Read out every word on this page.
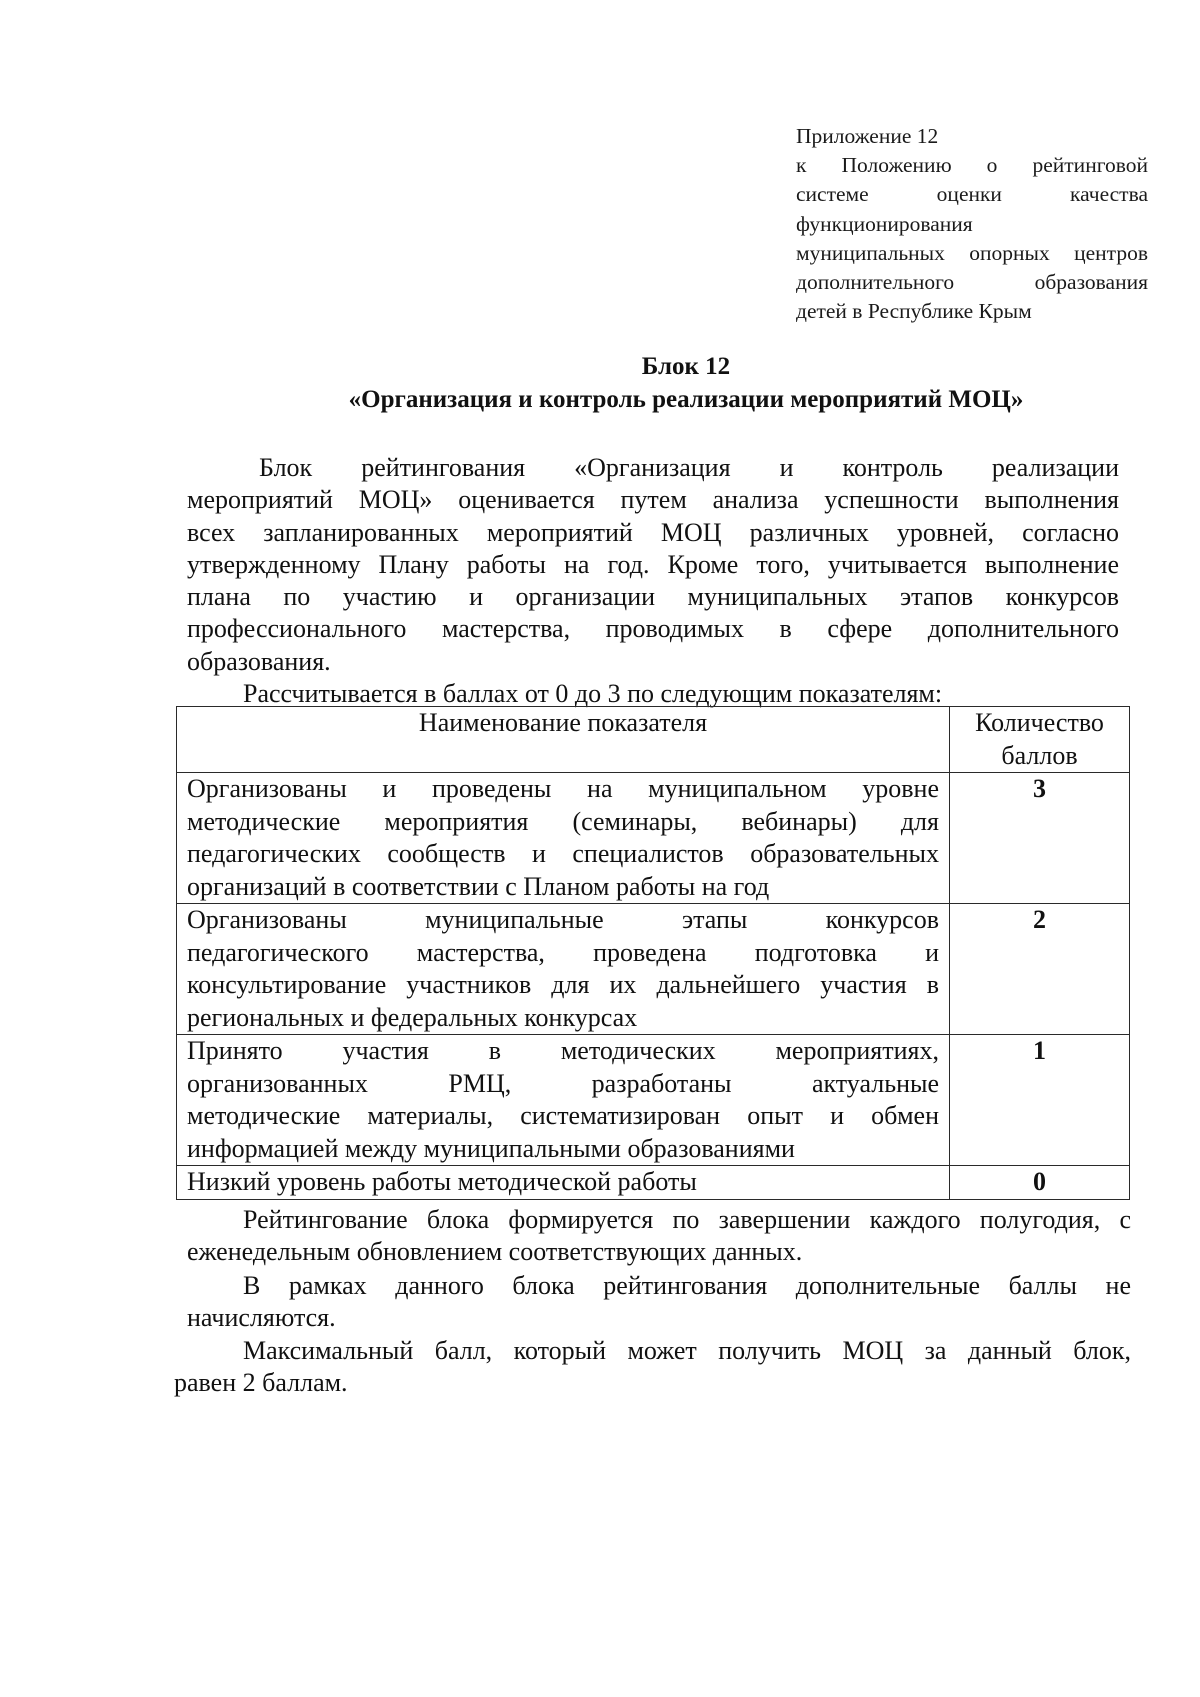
Приложение 12
к Положению о рейтинговой
системе оценки качества
функционирования
муниципальных опорных центров
дополнительного образования
детей в Республике Крым
Блок 12
«Организация и контроль реализации мероприятий МОЦ»
Блок рейтингования «Организация и контроль реализации
мероприятий МОЦ» оценивается путем анализа успешности выполнения
всех запланированных мероприятий МОЦ различных уровней, согласно
утвержденному Плану работы на год. Кроме того, учитывается выполнение
плана по участию и организации муниципальных этапов конкурсов
профессионального мастерства, проводимых в сфере дополнительного
образования.
Рассчитывается в баллах от 0 до 3 по следующим показателям:
Наименование показателя	Количество
баллов

Организованы и проведены на муниципальном уровне
методические мероприятия (семинары, вебинары) для
педагогических сообществ и специалистов образовательных
организаций в соответствии с Планом работы на год	3

Организованы муниципальные этапы конкурсов
педагогического мастерства, проведена подготовка и
консультирование участников для их дальнейшего участия в
региональных и федеральных конкурсах	2

Принято участия в методических мероприятиях,
организованных РМЦ, разработаны актуальные
методические материалы, систематизирован опыт и обмен
информацией между муниципальными образованиями	1

Низкий уровень работы методической работы	0
Рейтингование блока формируется по завершении каждого полугодия, с
еженедельным обновлением соответствующих данных.
В рамках данного блока рейтингования дополнительные баллы не
начисляются.
Максимальный балл, который может получить МОЦ за данный блок,
равен 2 баллам.
